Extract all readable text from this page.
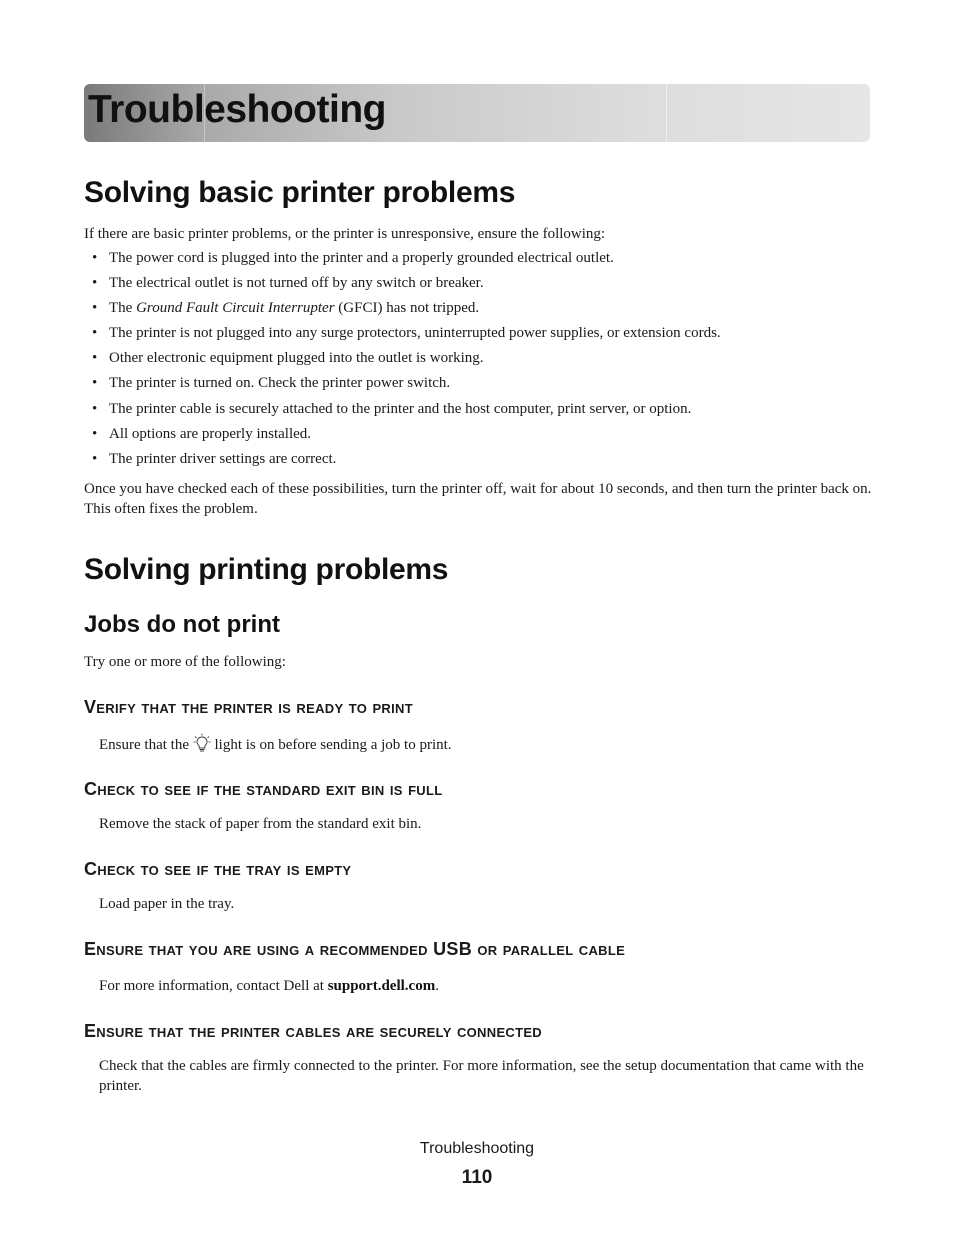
Troubleshooting
Solving basic printer problems

If there are basic printer problems, or the printer is unresponsive, ensure the following:

• The power cord is plugged into the printer and a properly grounded electrical outlet.
• The electrical outlet is not turned off by any switch or breaker.
• The Ground Fault Circuit Interrupter (GFCI) has not tripped.
• The printer is not plugged into any surge protectors, uninterrupted power supplies, or extension cords.
• Other electronic equipment plugged into the outlet is working.
• The printer is turned on. Check the printer power switch.
• The printer cable is securely attached to the printer and the host computer, print server, or option.
• All options are properly installed.
• The printer driver settings are correct.

Once you have checked each of these possibilities, turn the printer off, wait for about 10 seconds, and then turn the printer back on. This often fixes the problem.

Solving printing problems
Jobs do not print

Try one or more of the following:

Verify that the printer is ready to print

Ensure that the  light is on before sending a job to print.

Check to see if the standard exit bin is full

Remove the stack of paper from the standard exit bin.

Check to see if the tray is empty

Load paper in the tray.

Ensure that you are using a recommended USB or parallel cable

For more information, contact Dell at support.dell.com.

Ensure that the printer cables are securely connected

Check that the cables are firmly connected to the printer. For more information, see the setup documentation that came with the printer.

Troubleshooting
110
